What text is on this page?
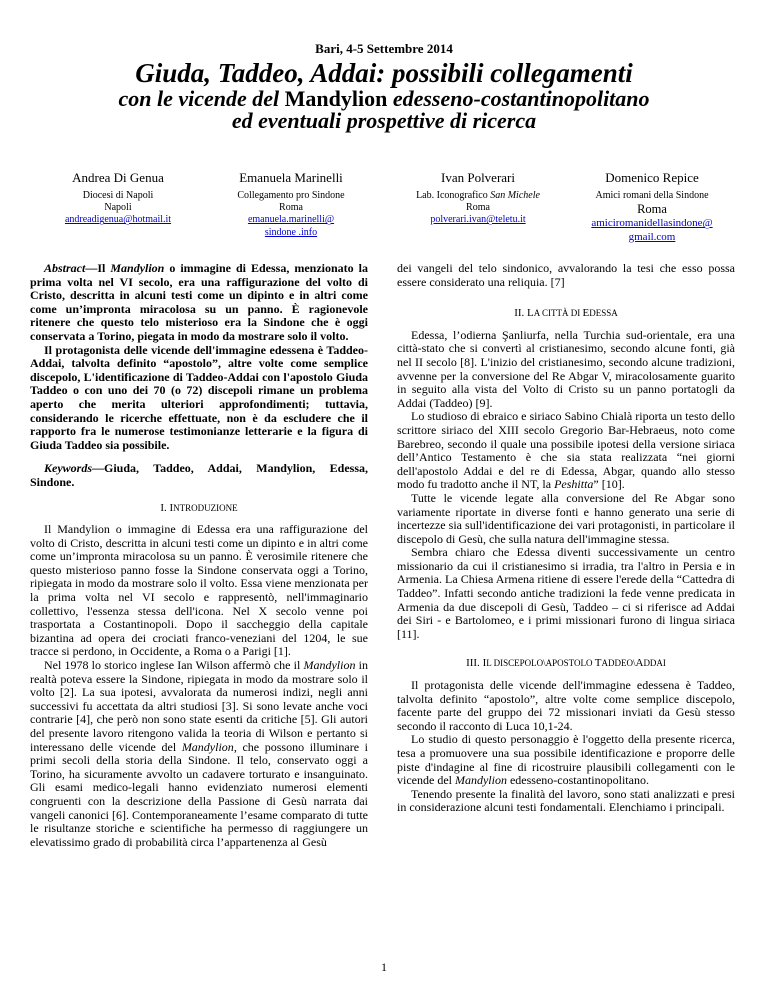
Bari, 4-5 Settembre 2014
Giuda, Taddeo, Addai: possibili collegamenti
con le vicende del Mandylion edesseno-costantinopolitano
ed eventuali prospettive di ricerca
Andrea Di Genua
Diocesi di Napoli
Napoli
andreadigenua@hotmail.it
Emanuela Marinelli
Collegamento pro Sindone
Roma
emanuela.marinelli@
sindone .info
Ivan Polverari
Lab. Iconografico San Michele
Roma
polverari.ivan@teletu.it
Domenico Repice
Amici romani della Sindone
Roma
amiciromanidellasindone@
gmail.com

Abstract—Il Mandylion o immagine di Edessa, menzionato la prima volta nel VI secolo, era una raffigurazione del volto di Cristo, descritta in alcuni testi come un dipinto e in altri come come un’impronta miracolosa su un panno. È ragionevole ritenere che questo telo misterioso era la Sindone che è oggi conservata a Torino, piegata in modo da mostrare solo il volto.

Il protagonista delle vicende dell'immagine edessena è Taddeo-Addai, talvolta definito “apostolo”, altre volte come semplice discepolo, L'identificazione di Taddeo-Addai con l'apostolo Giuda Taddeo o con uno dei 70 (o 72) discepoli rimane un problema aperto che merita ulteriori approfondimenti; tuttavia, considerando le ricerche effettuate, non è da escludere che il rapporto fra le numerose testimonianze letterarie e la figura di Giuda Taddeo sia possibile.

Keywords—Giuda, Taddeo, Addai, Mandylion, Edessa, Sindone.

I. INTRODUZIONE

Il Mandylion o immagine di Edessa era una raffigurazione del volto di Cristo, descritta in alcuni testi come un dipinto e in altri come come un’impronta miracolosa su un panno. È verosimile ritenere che questo misterioso panno fosse la Sindone conservata oggi a Torino, ripiegata in modo da mostrare solo il volto. Essa viene menzionata per la prima volta nel VI secolo e rappresentò, nell'immaginario collettivo, l'essenza stessa dell'icona. Nel X secolo venne poi trasportata a Costantinopoli. Dopo il saccheggio della capitale bizantina ad opera dei crociati franco-veneziani del 1204, le sue tracce si perdono, in Occidente, a Roma o a Parigi [1].

Nel 1978 lo storico inglese Ian Wilson affermò che il Mandylion in realtà poteva essere la Sindone, ripiegata in modo da mostrare solo il volto [2]. La sua ipotesi, avvalorata da numerosi indizi, negli anni successivi fu accettata da altri studiosi [3]. Si sono levate anche voci contrarie [4], che però non sono state esenti da critiche [5]. Gli autori del presente lavoro ritengono valida la teoria di Wilson e pertanto si interessano delle vicende del Mandylion, che possono illuminare i primi secoli della storia della Sindone. Il telo, conservato oggi a Torino, ha sicuramente avvolto un cadavere torturato e insanguinato. Gli esami medico-legali hanno evidenziato numerosi elementi congruenti con la descrizione della Passione di Gesù narrata dai vangeli canonici [6]. Contemporaneamente l’esame comparato di tutte le risultanze storiche e scientifiche ha permesso di raggiungere un elevatissimo grado di probabilità circa l’appartenenza al Gesù

dei vangeli del telo sindonico, avvalorando la tesi che esso possa essere considerato una reliquia. [7]

II. LA CITTÀ DI EDESSA

Edessa, l’odierna Şanliurfa, nella Turchia sud-orientale, era una città-stato che si convertì al cristianesimo, secondo alcune fonti, già nel II secolo [8]. L'inizio del cristianesimo, secondo alcune tradizioni, avvenne per la conversione del Re Abgar V, miracolosamente guarito in seguito alla vista del Volto di Cristo su un panno portatogli da Addai (Taddeo) [9].

Lo studioso di ebraico e siriaco Sabino Chialà riporta un testo dello scrittore siriaco del XIII secolo Gregorio Bar-Hebraeus, noto come Barebreo, secondo il quale una possibile ipotesi della versione siriaca dell’Antico Testamento è che sia stata realizzata “nei giorni dell'apostolo Addai e del re di Edessa, Abgar, quando allo stesso modo fu tradotto anche il NT, la Peshitta” [10].

Tutte le vicende legate alla conversione del Re Abgar sono variamente riportate in diverse fonti e hanno generato una serie di incertezze sia sull'identificazione dei vari protagonisti, in particolare il discepolo di Gesù, che sulla natura dell'immagine stessa.

Sembra chiaro che Edessa diventi successivamente un centro missionario da cui il cristianesimo si irradia, tra l'altro in Persia e in Armenia. La Chiesa Armena ritiene di essere l'erede della “Cattedra di Taddeo”. Infatti secondo antiche tradizioni la fede venne predicata in Armenia da due discepoli di Gesù, Taddeo – ci si riferisce ad Addai dei Siri - e Bartolomeo, e i primi missionari furono di lingua siriaca [11].

III. IL DISCEPOLO\APOSTOLO TADDEO\ADDAI

Il protagonista delle vicende dell'immagine edessena è Taddeo, talvolta definito “apostolo”, altre volte come semplice discepolo, facente parte del gruppo dei 72 missionari inviati da Gesù stesso secondo il racconto di Luca 10,1-24.

Lo studio di questo personaggio è l'oggetto della presente ricerca, tesa a promuovere una sua possibile identificazione e proporre delle piste d'indagine al fine di ricostruire plausibili collegamenti con le vicende del Mandylion edesseno-costantinopolitano.

Tenendo presente la finalità del lavoro, sono stati analizzati e presi in considerazione alcuni testi fondamentali. Elenchiamo i principali.

1
